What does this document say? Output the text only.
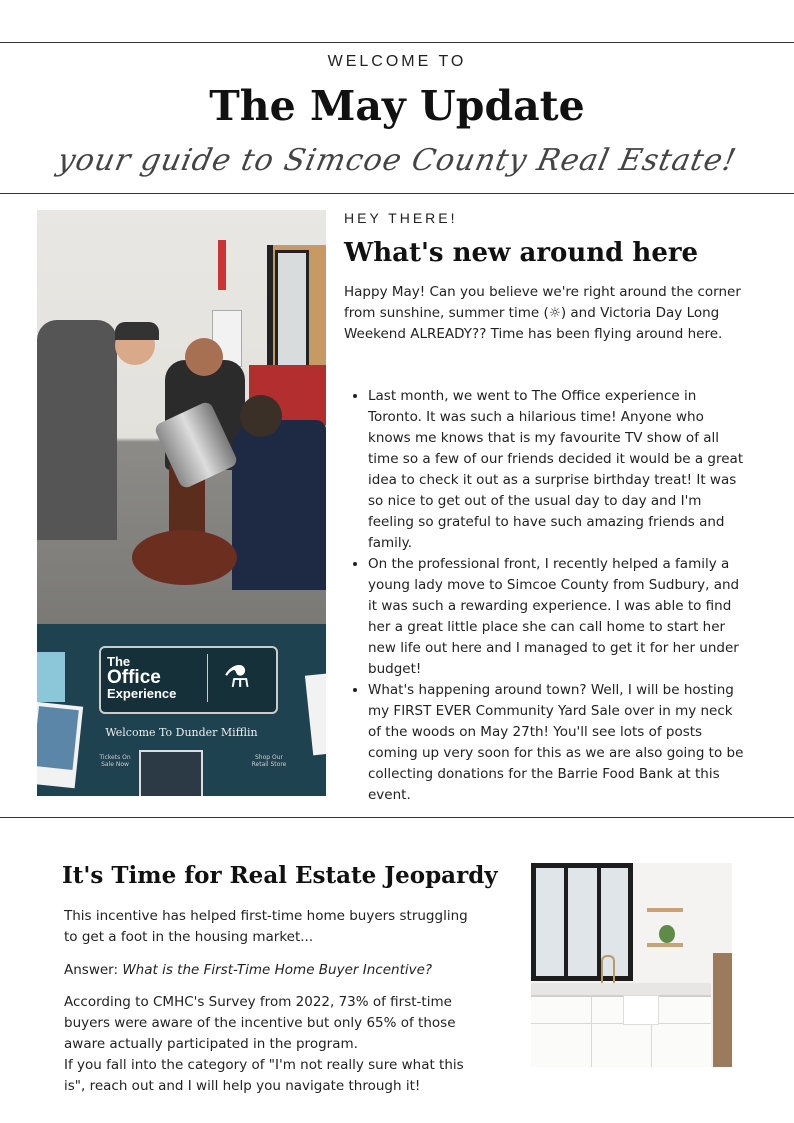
WELCOME TO
The May Update
your guide to Simcoe County Real Estate!
The
Office
Experience	⚗
Welcome To Dunder Mifflin
Tickets On Sale Now
Shop Our Retail Store
HEY THERE!
What's new around here

Happy May! Can you believe we're right around the corner from sunshine, summer time (☼) and Victoria Day Long Weekend ALREADY?? Time has been flying around here.

• Last month, we went to The Office experience in Toronto. It was such a hilarious time! Anyone who knows me knows that is my favourite TV show of all time so a few of our friends decided it would be a great idea to check it out as a surprise birthday treat! It was so nice to get out of the usual day to day and I'm feeling so grateful to have such amazing friends and family.
• On the professional front, I recently helped a family a young lady move to Simcoe County from Sudbury, and it was such a rewarding experience. I was able to find her a great little place she can call home to start her new life out here and I managed to get it for her under budget!
• What's happening around town? Well, I will be hosting my FIRST EVER Community Yard Sale over in my neck of the woods on May 27th! You'll see lots of posts coming up very soon for this as we are also going to be collecting donations for the Barrie Food Bank at this event.
It's Time for Real Estate Jeopardy

This incentive has helped first-time home buyers struggling to get a foot in the housing market...

Answer: What is the First-Time Home Buyer Incentive?

According to CMHC's Survey from 2022, 73% of first-time buyers were aware of the incentive but only 65% of those aware actually participated in the program.
If you fall into the category of "I'm not really sure what this is", reach out and I will help you navigate through it!
